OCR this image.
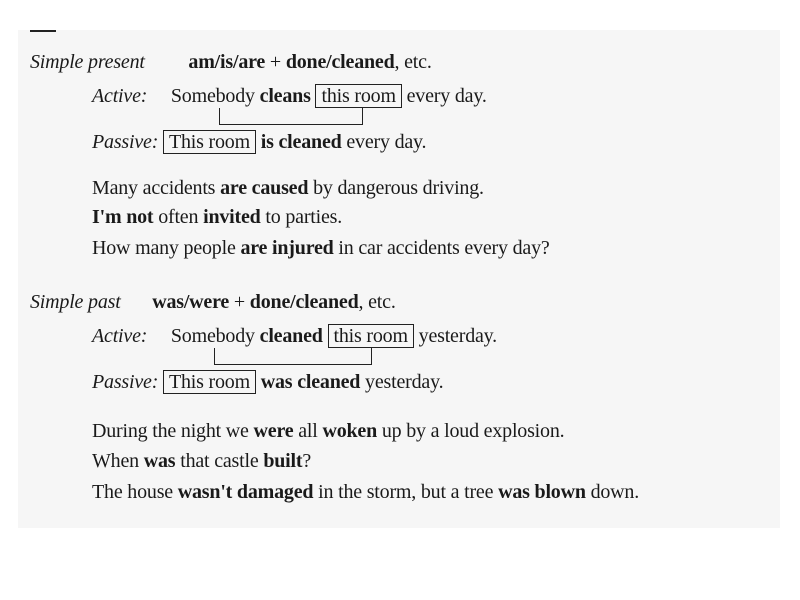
Simple present am/is/are + done/cleaned, etc.
Active: Somebody cleans this room every day.
Passive: This room is cleaned every day.
Many accidents are caused by dangerous driving.
I'm not often invited to parties.
How many people are injured in car accidents every day?
Simple past was/were + done/cleaned, etc.
Active: Somebody cleaned this room yesterday.
Passive: This room was cleaned yesterday.
During the night we were all woken up by a loud explosion.
When was that castle built?
The house wasn't damaged in the storm, but a tree was blown down.
